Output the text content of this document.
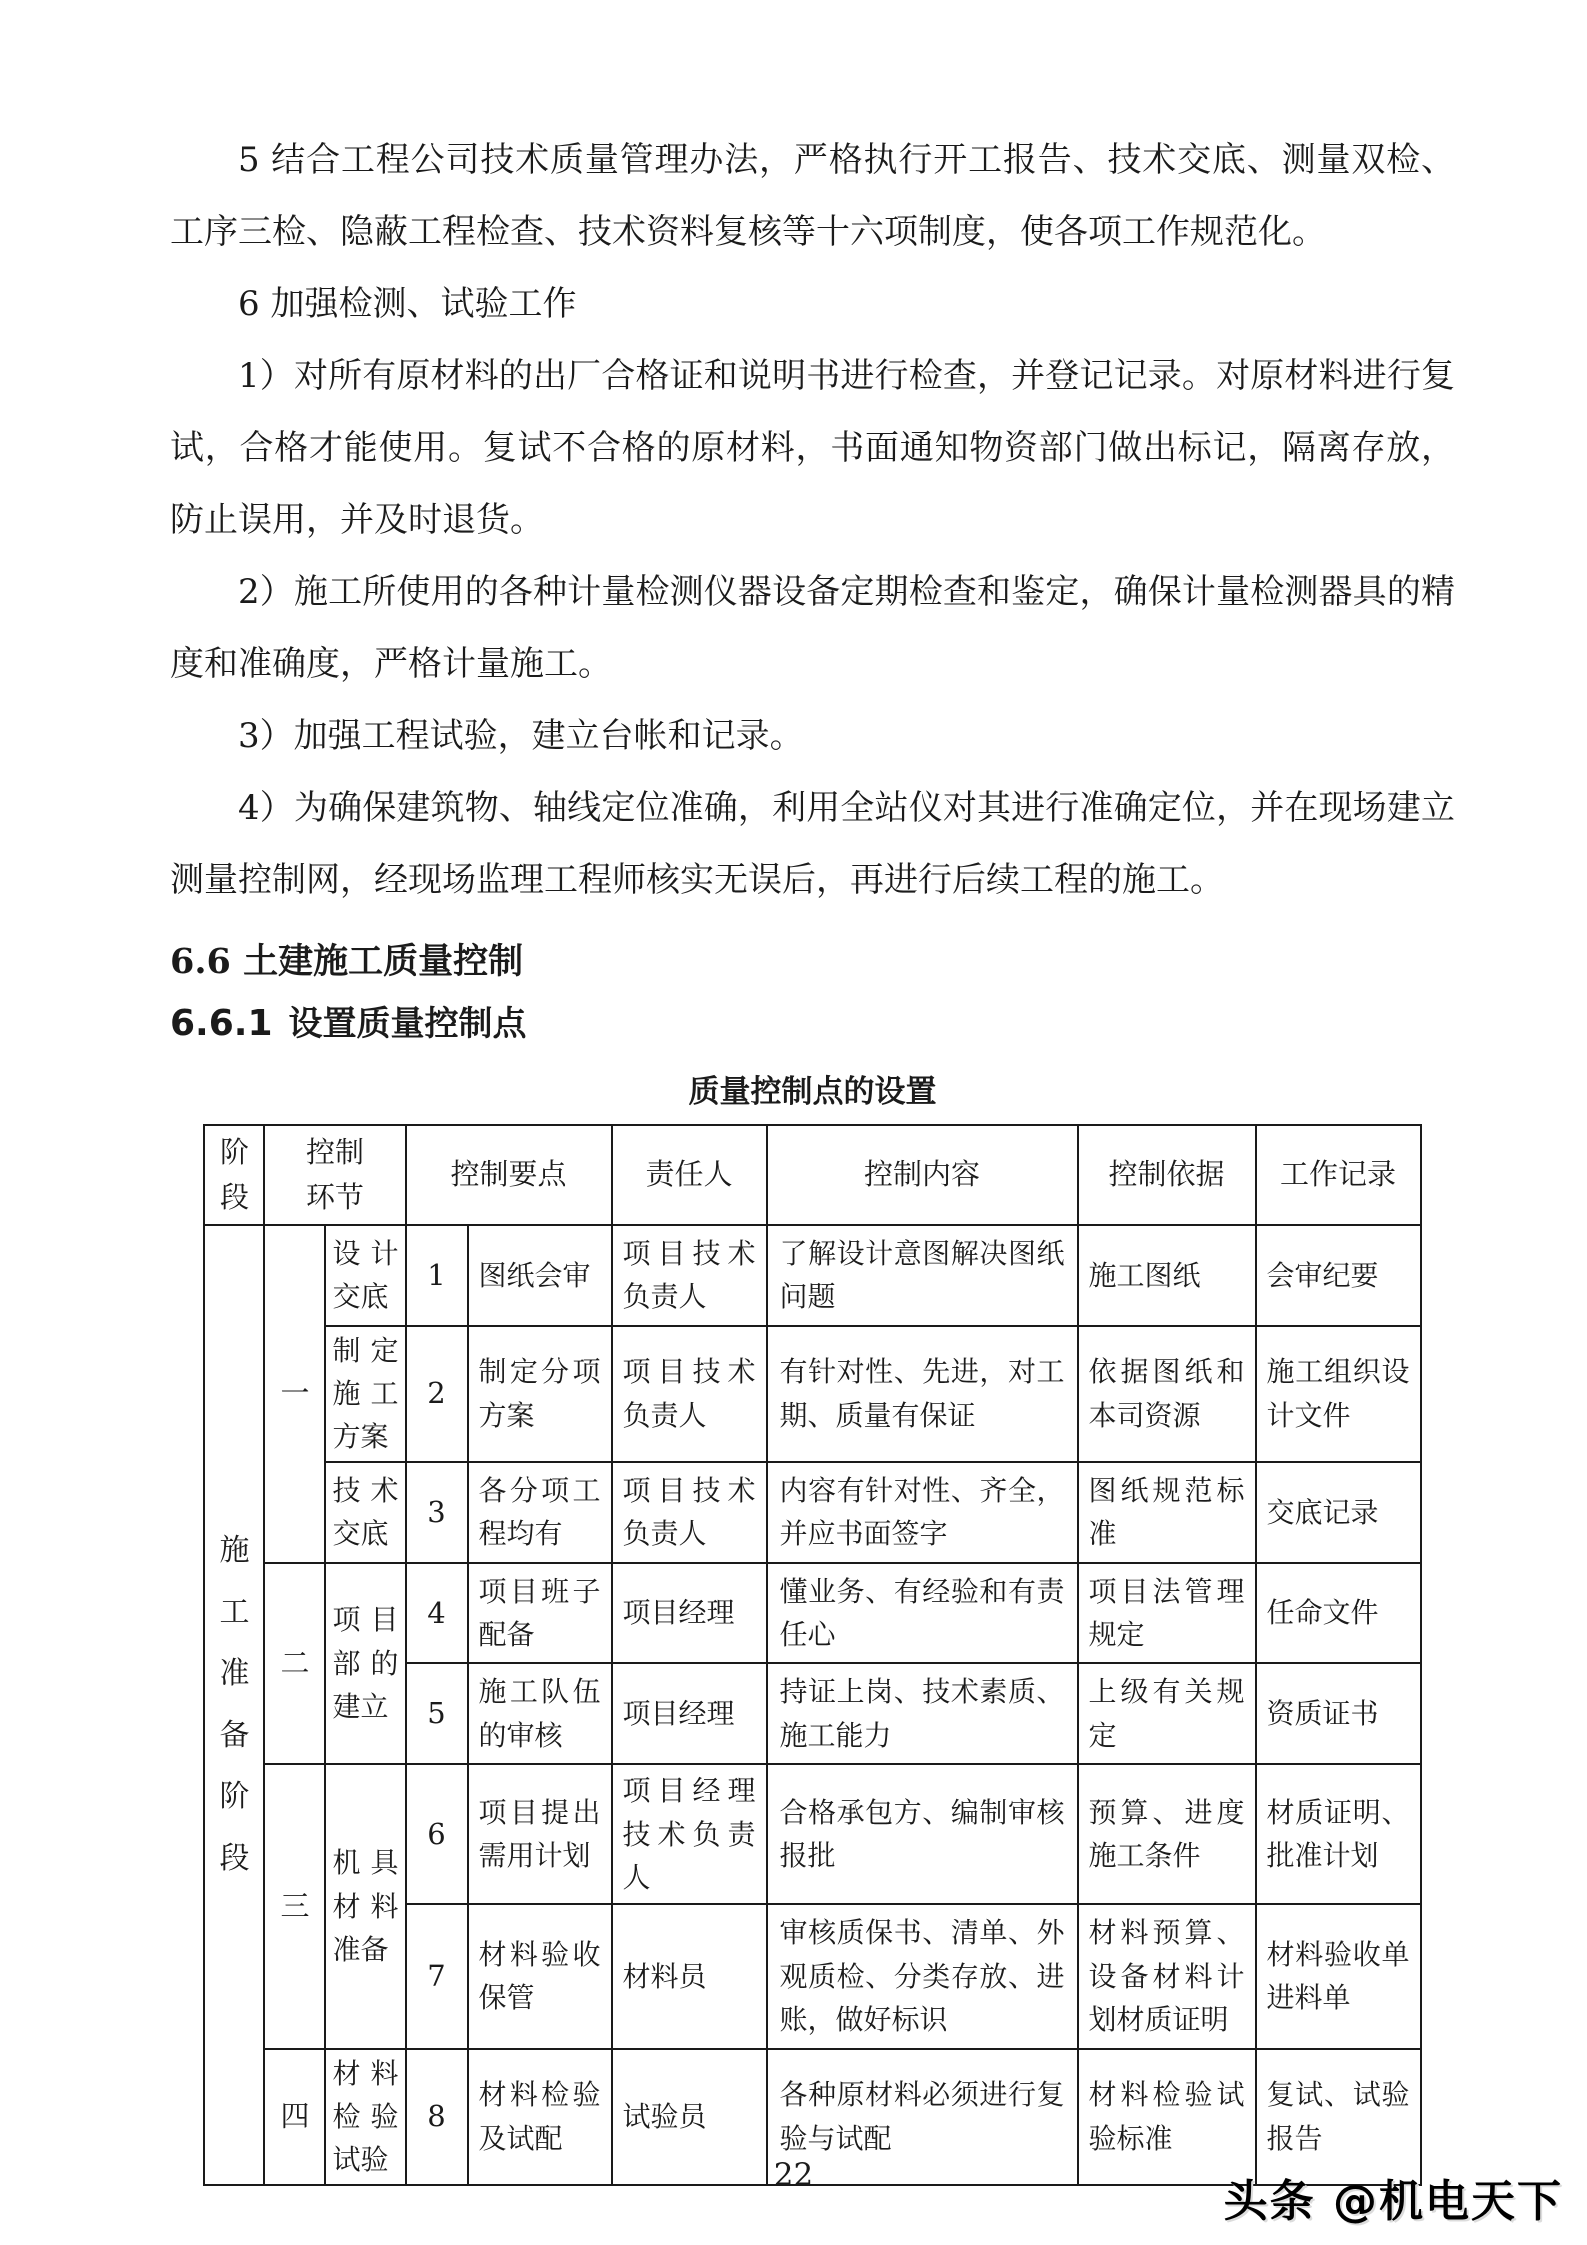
5 结合工程公司技术质量管理办法，严格执行开工报告、技术交底、测量双检、工序三检、隐蔽工程检查、技术资料复核等十六项制度，使各项工作规范化。

6 加强检测、试验工作

1）对所有原材料的出厂合格证和说明书进行检查，并登记记录。对原材料进行复试，合格才能使用。复试不合格的原材料，书面通知物资部门做出标记，隔离存放，防止误用，并及时退货。

2）施工所使用的各种计量检测仪器设备定期检查和鉴定，确保计量检测器具的精度和准确度，严格计量施工。

3）加强工程试验，建立台帐和记录。

4）为确保建筑物、轴线定位准确，利用全站仪对其进行准确定位，并在现场建立测量控制网，经现场监理工程师核实无误后，再进行后续工程的施工。

6.6 土建施工质量控制
6.6.1 设置质量控制点
质量控制点的设置
阶段	控制环节		控制要点		责任人	控制内容	控制依据	工作记录
施工准备阶段	一	设计交底	1	图纸会审	项目技术负责人	了解设计意图解决图纸问题	施工图纸	会审纪要
		制定施工方案	2	制定分项方案	项目技术负责人	有针对性、先进，对工期、质量有保证	依据图纸和本司资源	施工组织设计文件
		技术交底	3	各分项工程均有	项目技术负责人	内容有针对性、齐全，并应书面签字	图纸规范标准	交底记录
	二	项目部的建立	4	项目班子配备	项目经理	懂业务、有经验和有责任心	项目法管理规定	任命文件
			5	施工队伍的审核	项目经理	持证上岗、技术素质、施工能力	上级有关规定	资质证书
	三	机具材料准备	6	项目提出需用计划	项目经理技术负责人	合格承包方、编制审核报批	预算、进度施工条件	材质证明、批准计划
			7	材料验收保管	材料员	审核质保书、清单、外观质检、分类存放、进账，做好标识	材料预算、设备材料计划材质证明	材料验收单进料单
	四	材料检验试验	8	材料检验及试配	试验员	各种原材料必须进行复验与试配	材料检验试验标准	复试、试验报告
22
头条 @机电天下
